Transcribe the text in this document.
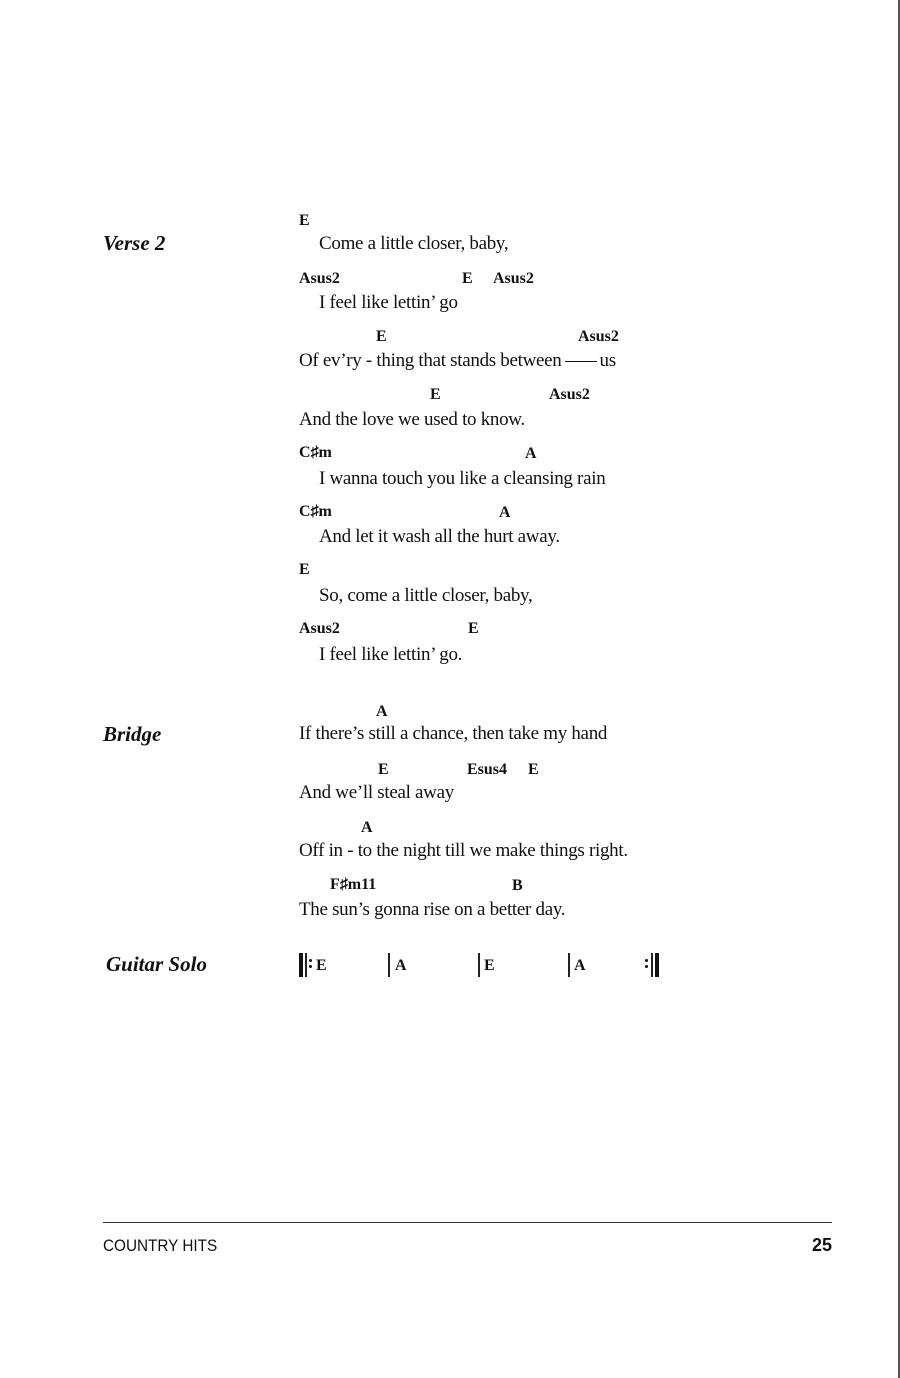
Verse 2
E
Come a little closer, baby,
Asus2	E Asus2
I feel like lettin’ go
E	Asus2
Of ev’ry - thing that stands between us
E	Asus2
And the love we used to know.
C♯m	A
I wanna touch you like a cleansing rain
C♯m	A
And let it wash all the hurt away.
E
So, come a little closer, baby,
Asus2	E
I feel like lettin’ go.
Bridge
A
If there’s still a chance, then take my hand
E	Esus4 E
And we’ll steal away
A
Off in - to the night till we make things right.
F♯m11	B
The sun’s gonna rise on a better day.
Guitar Solo	E	A	E	A
COUNTRY HITS	25
